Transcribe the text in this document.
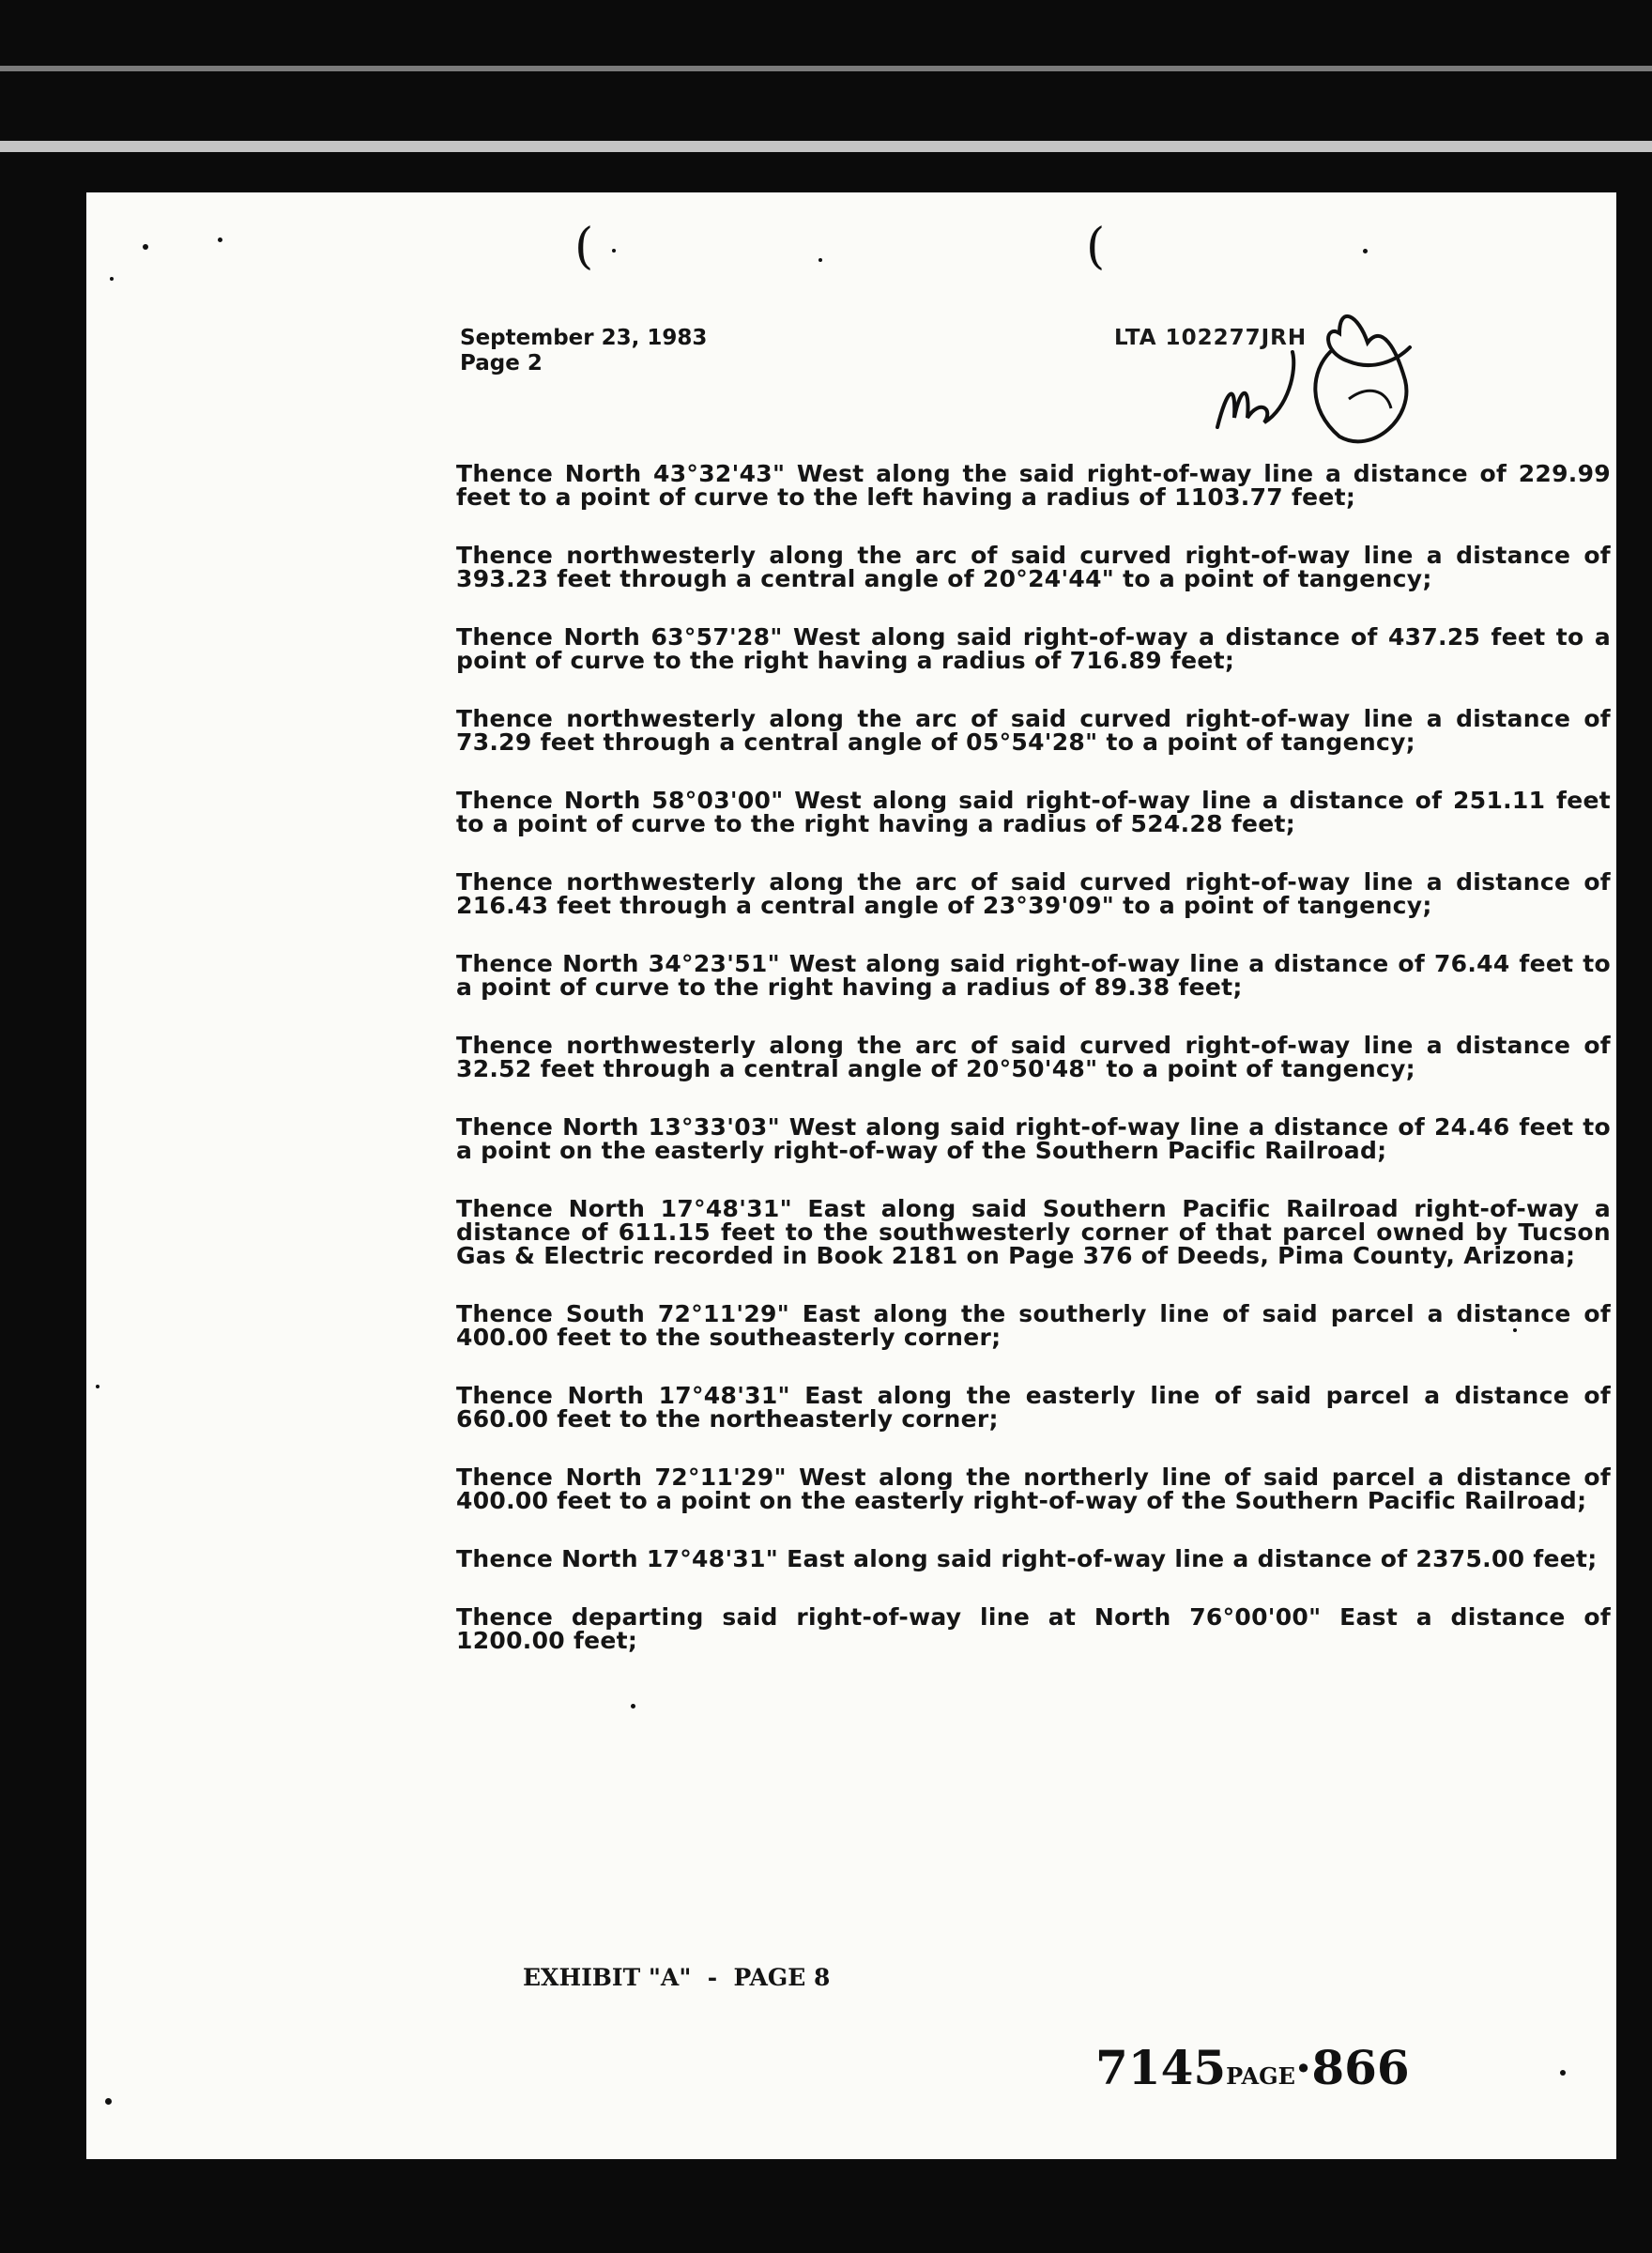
(	(
September 23, 1983
Page 2
LTA 102277JRH

Thence North 43°32'43" West along the said right-of-way line a distance of 229.99 feet to a point of curve to the left having a radius of 1103.77 feet;

Thence northwesterly along the arc of said curved right-of-way line a distance of 393.23 feet through a central angle of 20°24'44" to a point of tangency;

Thence North 63°57'28" West along said right-of-way a distance of 437.25 feet to a point of curve to the right having a radius of 716.89 feet;

Thence northwesterly along the arc of said curved right-of-way line a distance of 73.29 feet through a central angle of 05°54'28" to a point of tangency;

Thence North 58°03'00" West along said right-of-way line a distance of 251.11 feet to a point of curve to the right having a radius of 524.28 feet;

Thence northwesterly along the arc of said curved right-of-way line a distance of 216.43 feet through a central angle of 23°39'09" to a point of tangency;

Thence North 34°23'51" West along said right-of-way line a distance of 76.44 feet to a point of curve to the right having a radius of 89.38 feet;

Thence northwesterly along the arc of said curved right-of-way line a distance of 32.52 feet through a central angle of 20°50'48" to a point of tangency;

Thence North 13°33'03" West along said right-of-way line a distance of 24.46 feet to a point on the easterly right-of-way of the Southern Pacific Railroad;

Thence North 17°48'31" East along said Southern Pacific Railroad right-of-way a distance of 611.15 feet to the southwesterly corner of that parcel owned by Tucson Gas & Electric recorded in Book 2181 on Page 376 of Deeds, Pima County, Arizona;

Thence South 72°11'29" East along the southerly line of said parcel a distance of 400.00 feet to the southeasterly corner;

Thence North 17°48'31" East along the easterly line of said parcel a distance of 660.00 feet to the northeasterly corner;

Thence North 72°11'29" West along the northerly line of said parcel a distance of 400.00 feet to a point on the easterly right-of-way of the Southern Pacific Railroad;

Thence North 17°48'31" East along said right-of-way line a distance of 2375.00 feet;

Thence departing said right-of-way line at North 76°00'00" East a distance of 1200.00 feet;

EXHIBIT "A"  -  PAGE 8
7145PAGE·866
